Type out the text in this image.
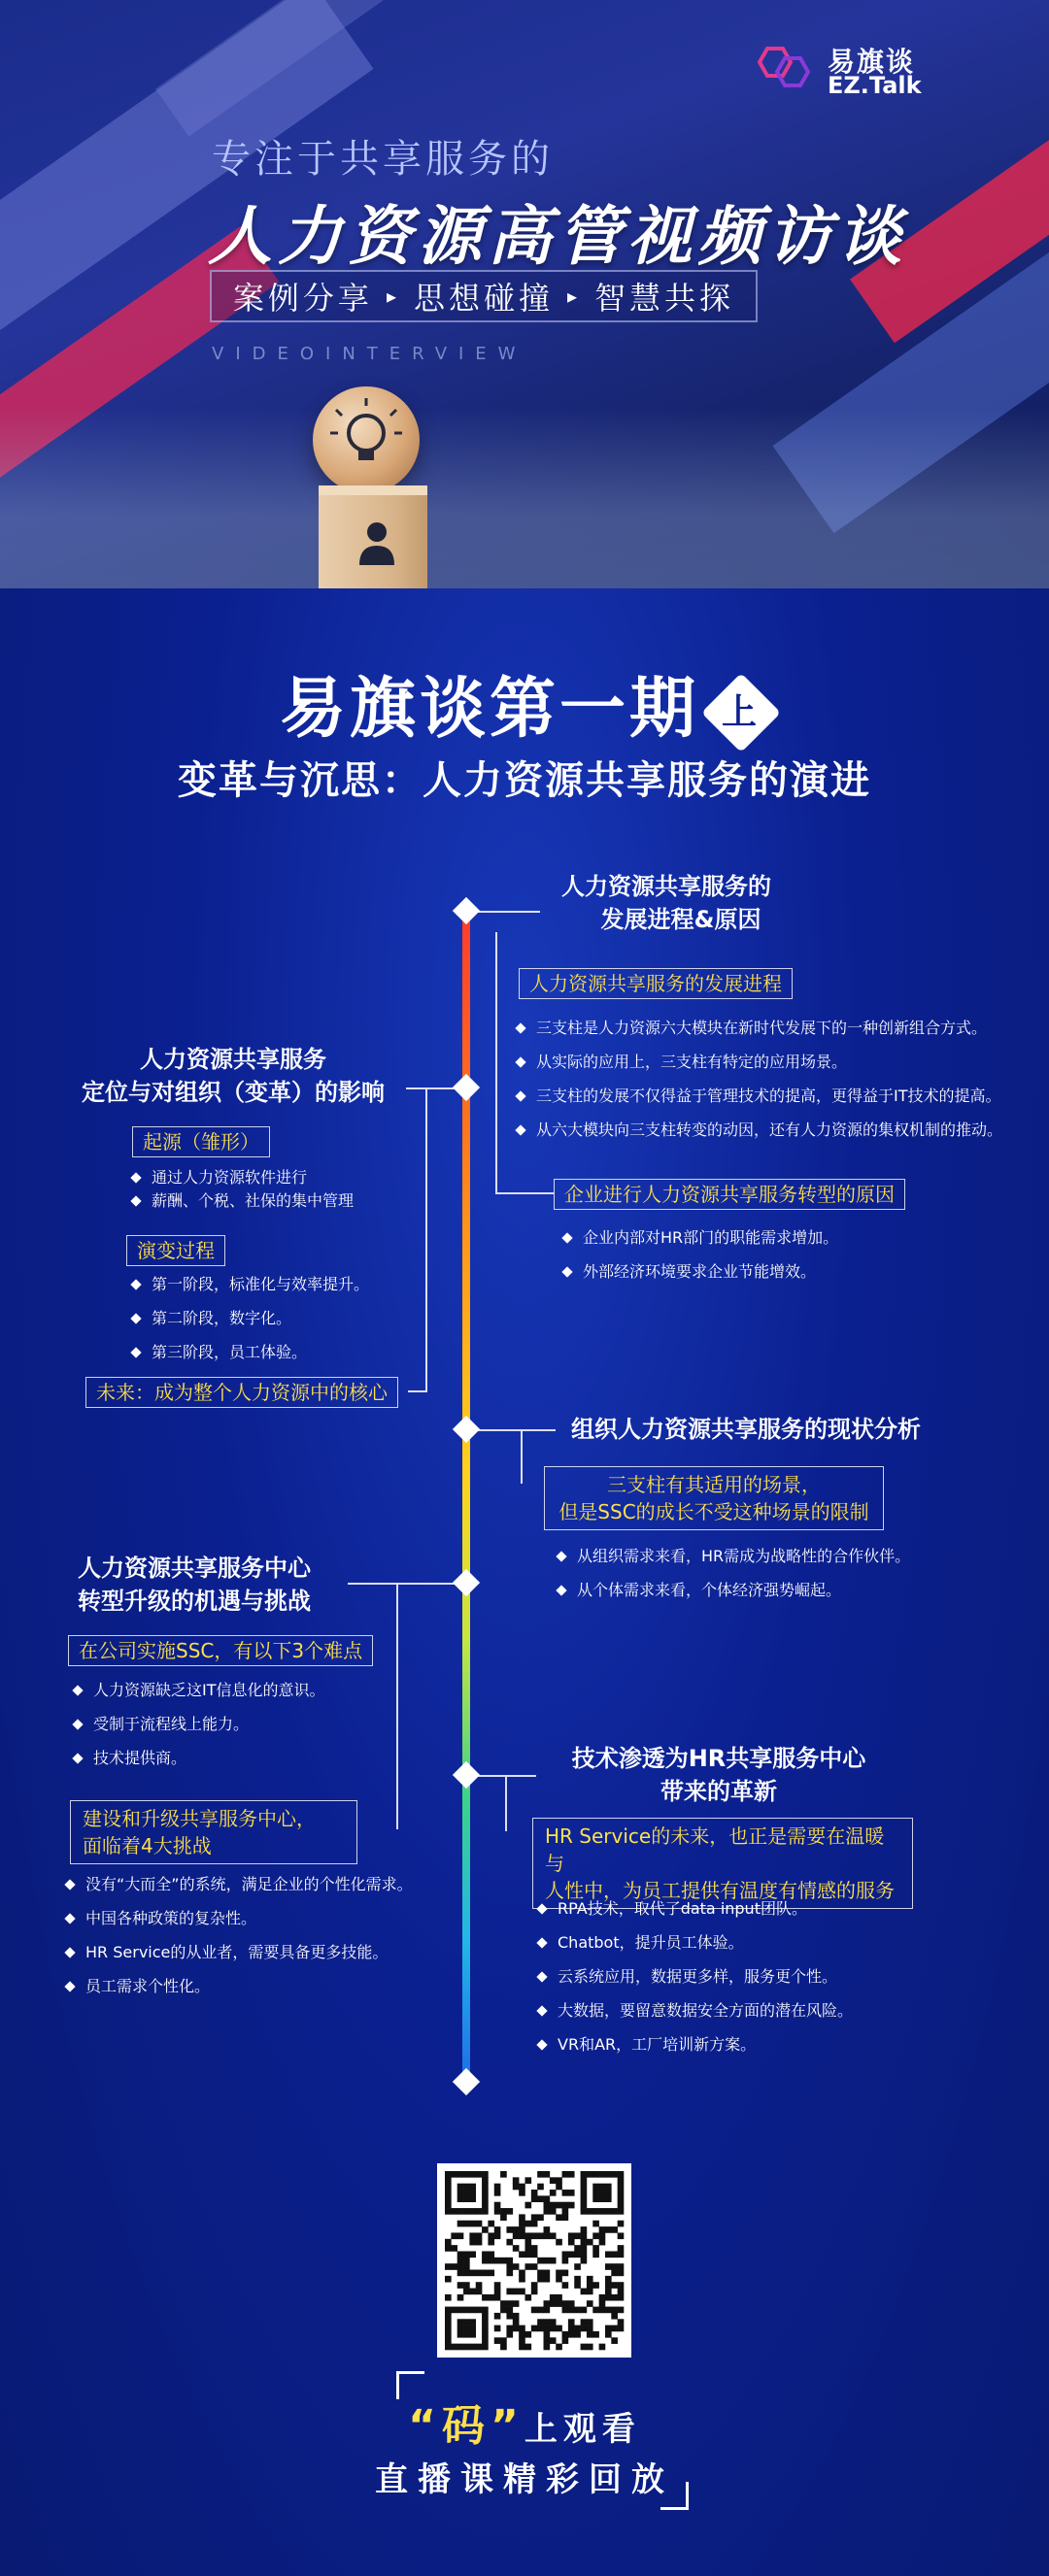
易旗谈
EZ.Talk
专注于共享服务的
人力资源高管视频访谈
案例分享 ▸ 思想碰撞 ▸ 智慧共探
VIDEOINTERVIEW
易旗谈第一期 上
变革与沉思：人力资源共享服务的演进
人力资源共享服务的
发展进程&原因
人力资源共享服务的发展进程
三支柱是人力资源六大模块在新时代发展下的一种创新组合方式。
从实际的应用上，三支柱有特定的应用场景。
三支柱的发展不仅得益于管理技术的提高，更得益于IT技术的提高。
从六大模块向三支柱转变的动因，还有人力资源的集权机制的推动。
企业进行人力资源共享服务转型的原因
企业内部对HR部门的职能需求增加。
外部经济环境要求企业节能增效。
人力资源共享服务
定位与对组织（变革）的影响
起源（雏形）
通过人力资源软件进行
薪酬、个税、社保的集中管理
演变过程
第一阶段，标准化与效率提升。
第二阶段，数字化。
第三阶段，员工体验。
未来：成为整个人力资源中的核心
组织人力资源共享服务的现状分析
三支柱有其适用的场景，
但是SSC的成长不受这种场景的限制
从组织需求来看，HR需成为战略性的合作伙伴。
从个体需求来看，个体经济强势崛起。
人力资源共享服务中心
转型升级的机遇与挑战
在公司实施SSC，有以下3个难点
人力资源缺乏这IT信息化的意识。
受制于流程线上能力。
技术提供商。
建设和升级共享服务中心，
面临着4大挑战
没有“大而全”的系统，满足企业的个性化需求。
中国各种政策的复杂性。
HR Service的从业者，需要具备更多技能。
员工需求个性化。
技术渗透为HR共享服务中心
带来的革新
HR Service的未来，也正是需要在温暖与
人性中，为员工提供有温度有情感的服务
RPA技术，取代了data input团队。
Chatbot，提升员工体验。
云系统应用，数据更多样，服务更个性。
大数据，要留意数据安全方面的潜在风险。
VR和AR，工厂培训新方案。
“码”上观看
直播课精彩回放
